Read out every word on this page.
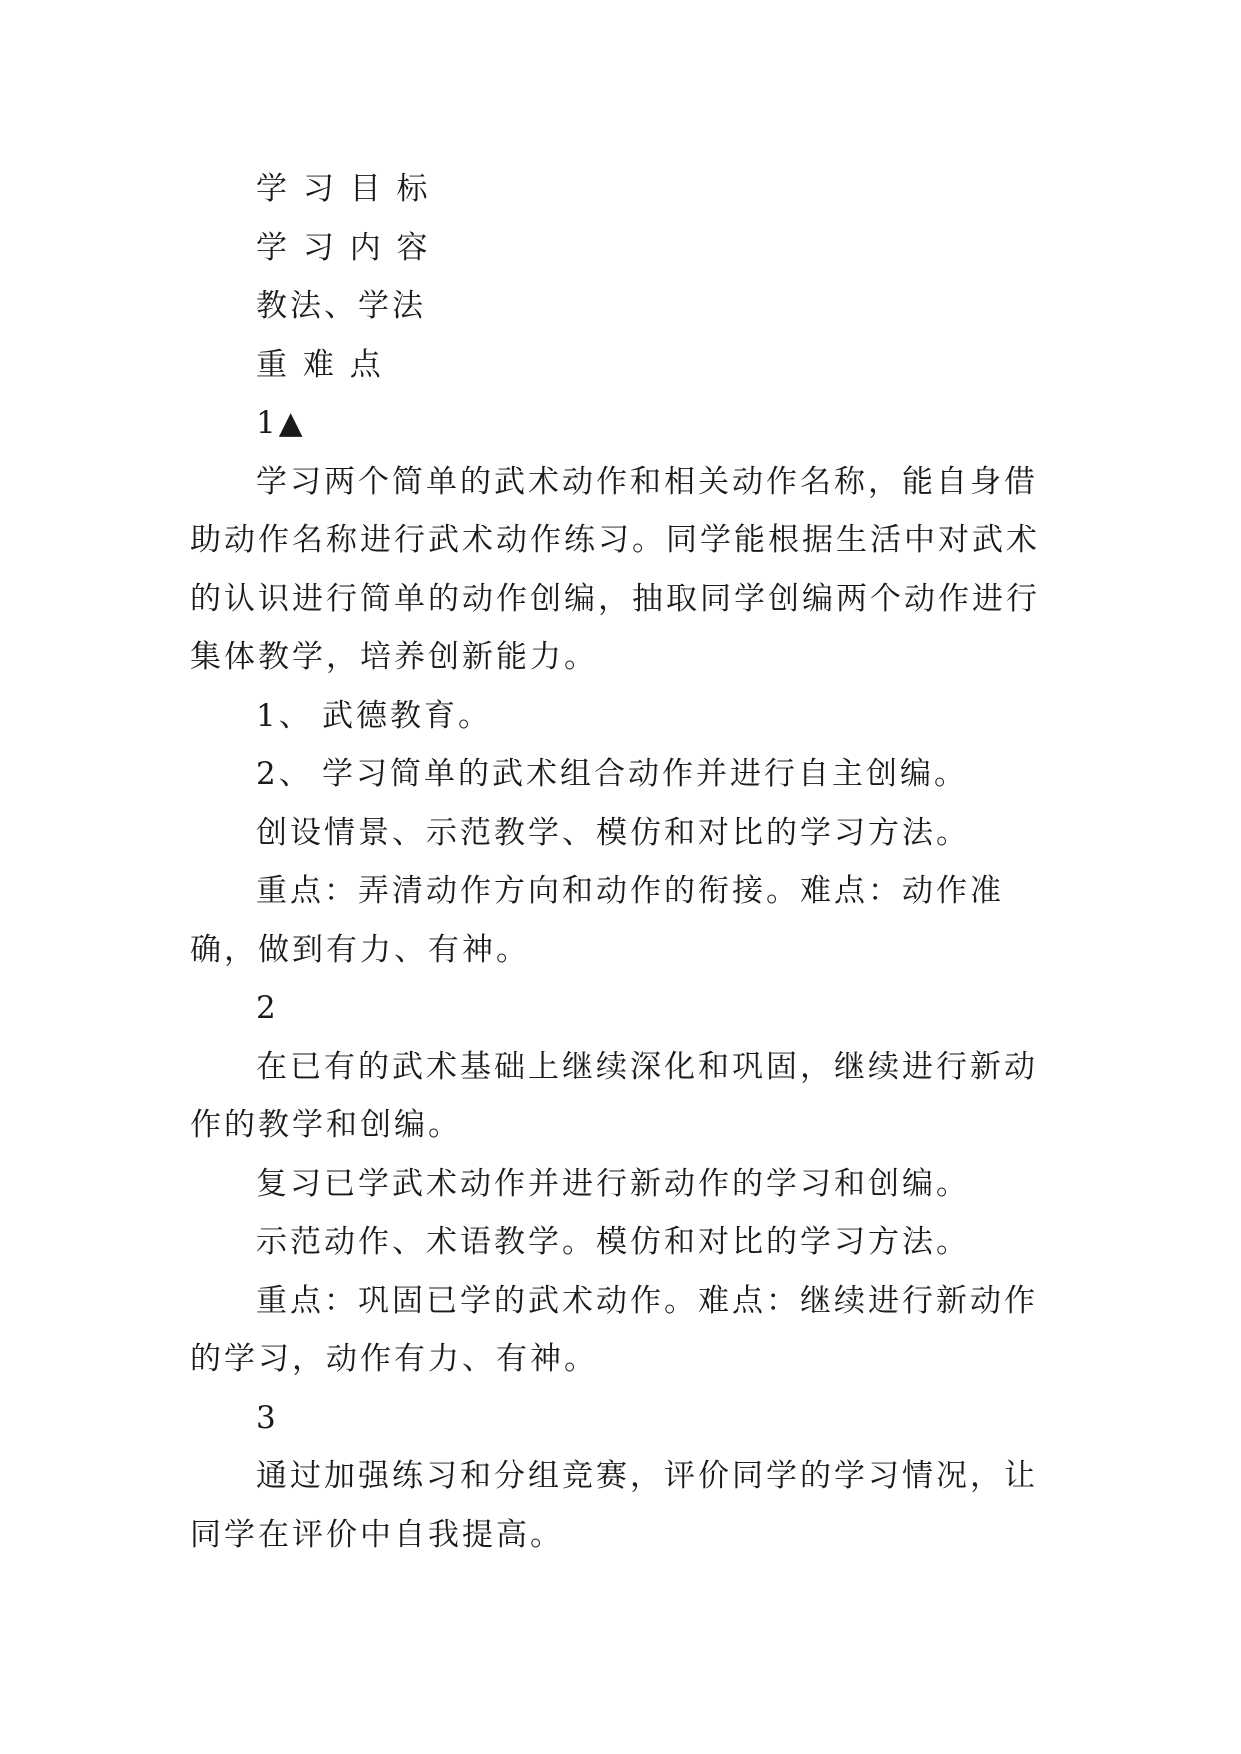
学 习 目 标
学 习 内 容
教法、学法
重 难 点
1▲

学习两个简单的武术动作和相关动作名称，能自身借助动作名称进行武术动作练习。同学能根据生活中对武术的认识进行简单的动作创编，抽取同学创编两个动作进行集体教学，培养创新能力。

1、 武德教育。
2、 学习简单的武术组合动作并进行自主创编。
创设情景、示范教学、模仿和对比的学习方法。

重点：弄清动作方向和动作的衔接。难点：动作准确，做到有力、有神。

2

在已有的武术基础上继续深化和巩固，继续进行新动作的教学和创编。

复习已学武术动作并进行新动作的学习和创编。
示范动作、术语教学。模仿和对比的学习方法。

重点：巩固已学的武术动作。难点：继续进行新动作的学习，动作有力、有神。

3

通过加强练习和分组竞赛，评价同学的学习情况，让同学在评价中自我提高。
